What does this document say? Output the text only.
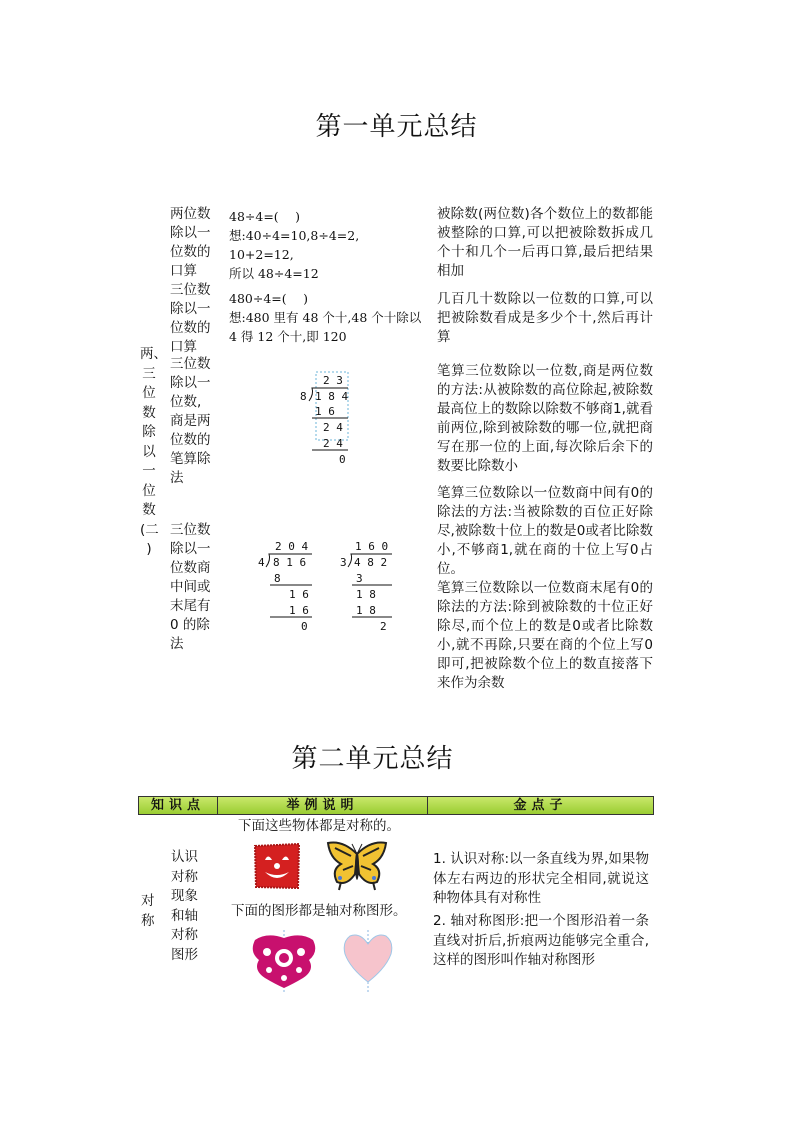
第一单元总结
两、
三
位
数
除
以
一
位
数
(二
)
两位数
除以一
位数的
口算
48÷4=(　 )
想:40÷4=10,8÷4=2,
10+2=12,
所以 48÷4=12
被除数(两位数)各个数位上的数都能被整除的口算,可以把被除数拆成几个十和几个一后再口算,最后把结果相加
三位数
除以一
位数的
口算
480÷4=(　 )
想:480 里有 48 个十,48 个十除以
4 得 12 个十,即 120
几百几十数除以一位数的口算,可以把被除数看成是多少个十,然后再计算
三位数
除以一
位数,
商是两
位数的
笔算除
法
2 3
8 1 8 4
1 6
2 4
2 4
0
笔算三位数除以一位数,商是两位数的方法:从被除数的高位除起,被除数最高位上的数除以除数不够商1,就看前两位,除到被除数的哪一位,就把商写在那一位的上面,每次除后余下的数要比除数小
三位数
除以一
位数商
中间或
末尾有
0 的除
法
2 0 4
4 8 1 6
8
1 6
1 6
0
1 6 0
3 4 8 2
3
1 8
1 8
2
笔算三位数除以一位数商中间有0的除法的方法:当被除数的百位正好除尽,被除数十位上的数是0或者比除数小,不够商1,就在商的十位上写0占位。
笔算三位数除以一位数商末尾有0的除法的方法:除到被除数的十位正好除尽,而个位上的数是0或者比除数小,就不再除,只要在商的个位上写0即可,把被除数个位上的数直接落下来作为余数
第二单元总结
知识点	举例说明	金点子
对
称
认识
对称
现象
和轴
对称
图形
下面这些物体都是对称的。
下面的图形都是轴对称图形。
1. 认识对称:以一条直线为界,如果物体左右两边的形状完全相同,就说这种物体具有对称性
2. 轴对称图形:把一个图形沿着一条直线对折后,折痕两边能够完全重合,这样的图形叫作轴对称图形
